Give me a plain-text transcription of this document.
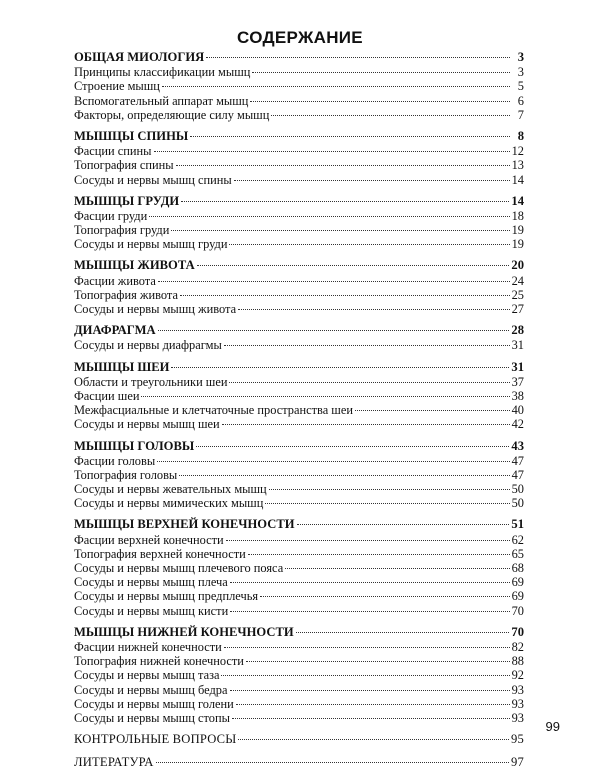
СОДЕРЖАНИЕ
ОБЩАЯ МИОЛОГИЯ	3
Принципы классификации мышц	3
Строение мышц	5
Вспомогательный аппарат мышц	6
Факторы, определяющие силу мышц	7
МЫШЦЫ СПИНЫ	8
Фасции спины	12
Топография спины	13
Сосуды и нервы мышц спины	14
МЫШЦЫ ГРУДИ	14
Фасции груди	18
Топография груди	19
Сосуды и нервы мышц груди	19
МЫШЦЫ ЖИВОТА	20
Фасции живота	24
Топография живота	25
Сосуды и нервы мышц живота	27
ДИАФРАГМА	28
Сосуды и нервы диафрагмы	31
МЫШЦЫ ШЕИ	31
Области и треугольники шеи	37
Фасции шеи	38
Межфасциальные и клетчаточные пространства шеи	40
Сосуды и нервы мышц шеи	42
МЫШЦЫ ГОЛОВЫ	43
Фасции головы	47
Топография головы	47
Сосуды и нервы жевательных мышц	50
Сосуды и нервы мимических мышц	50
МЫШЦЫ ВЕРХНЕЙ КОНЕЧНОСТИ	51
Фасции верхней конечности	62
Топография верхней конечности	65
Сосуды и нервы мышц плечевого пояса	68
Сосуды и нервы мышц плеча	69
Сосуды и нервы мышц предплечья	69
Сосуды и нервы мышц кисти	70
МЫШЦЫ НИЖНЕЙ КОНЕЧНОСТИ	70
Фасции нижней конечности	82
Топография нижней конечности	88
Сосуды и нервы мышц таза	92
Сосуды и нервы мышц бедра	93
Сосуды и нервы мышц голени	93
Сосуды и нервы мышц стопы	93
КОНТРОЛЬНЫЕ ВОПРОСЫ	95
ЛИТЕРАТУРА	97
99
